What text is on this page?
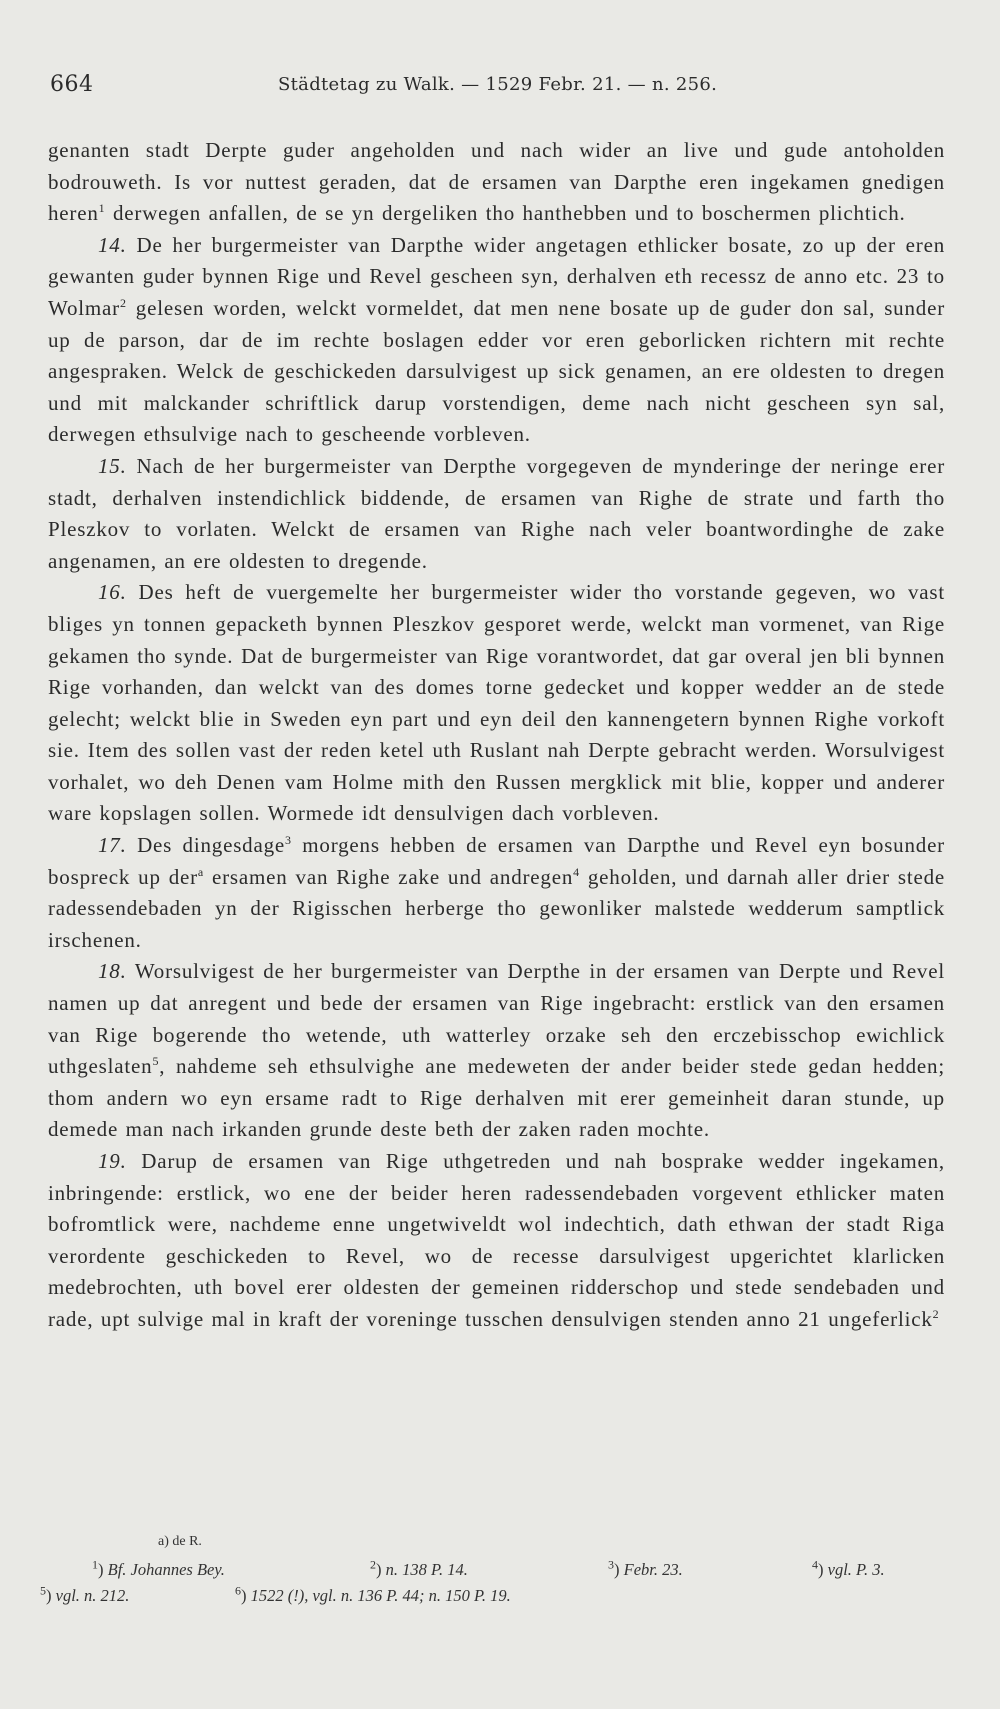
664	Städtetag zu Walk. — 1529 Febr. 21. — n. 256.

genanten stadt Derpte guder angeholden und nach wider an live und gude antoholden bodrouweth. Is vor nuttest geraden, dat de ersamen van Darpthe eren ingekamen gnedigen heren$^1$ derwegen anfallen, de se yn dergeliken tho hanthebben und to boschermen plichtich.

14. De her burgermeister van Darpthe wider angetagen ethlicker bosate, zo up der eren gewanten guder bynnen Rige und Revel gescheen syn, derhalven eth recessz de anno etc. 23 to Wolmar$^2$ gelesen worden, welckt vormeldet, dat men nene bosate up de guder don sal, sunder up de parson, dar de im rechte boslagen edder vor eren geborlicken richtern mit rechte angespraken. Welck de geschickeden darsulvigest up sick genamen, an ere oldesten to dregen und mit malckander schriftlick darup vorstendigen, deme nach nicht gescheen syn sal, derwegen ethsulvige nach to gescheende vorbleven.

15. Nach de her burgermeister van Derpthe vorgegeven de mynderinge der neringe erer stadt, derhalven instendichlick biddende, de ersamen van Righe de strate und farth tho Pleszkov to vorlaten. Welckt de ersamen van Righe nach veler boantwordinghe de zake angenamen, an ere oldesten to dregende.

16. Des heft de vuergemelte her burgermeister wider tho vorstande gegeven, wo vast bliges yn tonnen gepacketh bynnen Pleszkov gesporet werde, welckt man vormenet, van Rige gekamen tho synde. Dat de burgermeister van Rige vorantwordet, dat gar overal jen bli bynnen Rige vorhanden, dan welckt van des domes torne gedecket und kopper wedder an de stede gelecht; welckt blie in Sweden eyn part und eyn deil den kannengetern bynnen Righe vorkoft sie. Item des sollen vast der reden ketel uth Ruslant nah Derpte gebracht werden. Worsulvigest vorhalet, wo deh Denen vam Holme mith den Russen mergklick mit blie, kopper und anderer ware kopslagen sollen. Wormede idt densulvigen dach vorbleven.

17. Des dingesdage$^3$ morgens hebben de ersamen van Darpthe und Revel eyn bosunder bospreck up der$^a$ ersamen van Righe zake und andregen$^4$ geholden, und darnah aller drier stede radessendebaden yn der Rigisschen herberge tho gewonliker malstede wedderum samptlick irschenen.

18. Worsulvigest de her burgermeister van Derpthe in der ersamen van Derpte und Revel namen up dat anregent und bede der ersamen van Rige ingebracht: erstlick van den ersamen van Rige bogerende tho wetende, uth watterley orzake seh den erczebisschop ewichlick uthgeslaten$^5$, nahdeme seh ethsulvighe ane medeweten der ander beider stede gedan hedden; thom andern wo eyn ersame radt to Rige derhalven mit erer gemeinheit daran stunde, up demede man nach irkanden grunde deste beth der zaken raden mochte.

19. Darup de ersamen van Rige uthgetreden und nah bosprake wedder ingekamen, inbringende: erstlick, wo ene der beider heren radessendebaden vorgevent ethlicker maten bofromtlick were, nachdeme enne ungetwiveldt wol indechtich, dath ethwan der stadt Riga verordente geschickeden to Revel, wo de recesse darsulvigest upgerichtet klarlicken medebrochten, uth bovel erer oldesten der gemeinen ridderschop und stede sendebaden und rade, upt sulvige mal in kraft der voreninge tusschen densulvigen stenden anno 21 ungeferlick$^2$

a) de R.
$^1$) Bf. Johannes Bey.	$^2$) n. 138 P. 14.	$^3$) Febr. 23.	$^4$) vgl. P. 3.
$^5$) vgl. n. 212.	$^6$) 1522 (!), vgl. n. 136 P. 44; n. 150 P. 19.
